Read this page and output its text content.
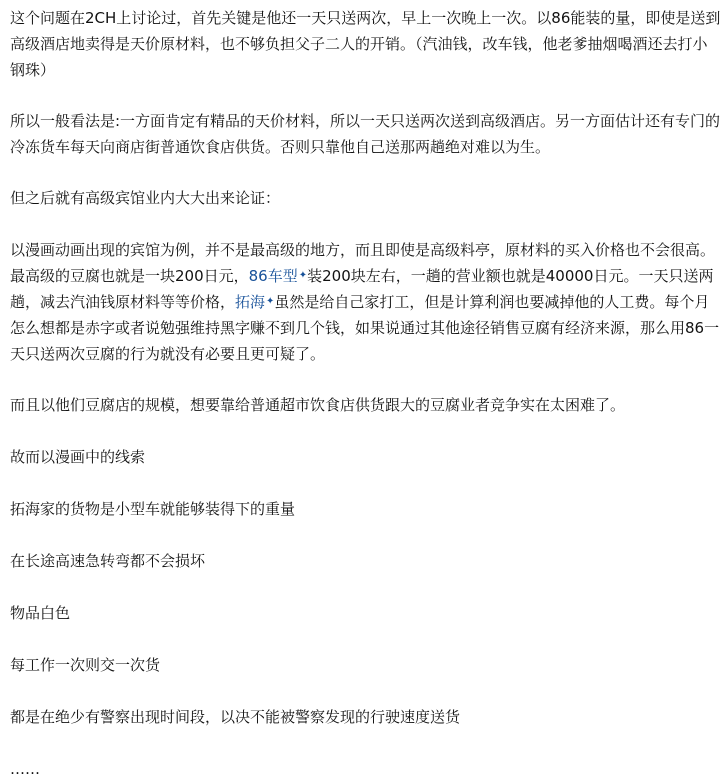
这个问题在2CH上讨论过，首先关键是他还一天只送两次，早上一次晚上一次。以86能装的量，即使是送到高级酒店地卖得是天价原材料，也不够负担父子二人的开销。（汽油钱，改车钱，他老爹抽烟喝酒还去打小钢珠）

所以一般看法是:一方面肯定有精品的天价材料，所以一天只送两次送到高级酒店。另一方面估计还有专门的冷冻货车每天向商店街普通饮食店供货。否则只靠他自己送那两趟绝对难以为生。

但之后就有高级宾馆业内大大出来论证：

以漫画动画出现的宾馆为例，并不是最高级的地方，而且即使是高级料亭，原材料的买入价格也不会很高。最高级的豆腐也就是一块200日元，86车型✦装200块左右，一趟的营业额也就是40000日元。一天只送两趟，减去汽油钱原材料等等价格，拓海✦虽然是给自己家打工，但是计算利润也要减掉他的人工费。每个月怎么想都是赤字或者说勉强维持黑字赚不到几个钱，如果说通过其他途径销售豆腐有经济来源，那么用86一天只送两次豆腐的行为就没有必要且更可疑了。

而且以他们豆腐店的规模，想要靠给普通超市饮食店供货跟大的豆腐业者竞争实在太困难了。

故而以漫画中的线索

拓海家的货物是小型车就能够装得下的重量

在长途高速急转弯都不会损坏

物品白色

每工作一次则交一次货

都是在绝少有警察出现时间段，以决不能被警察发现的行驶速度送货

……
